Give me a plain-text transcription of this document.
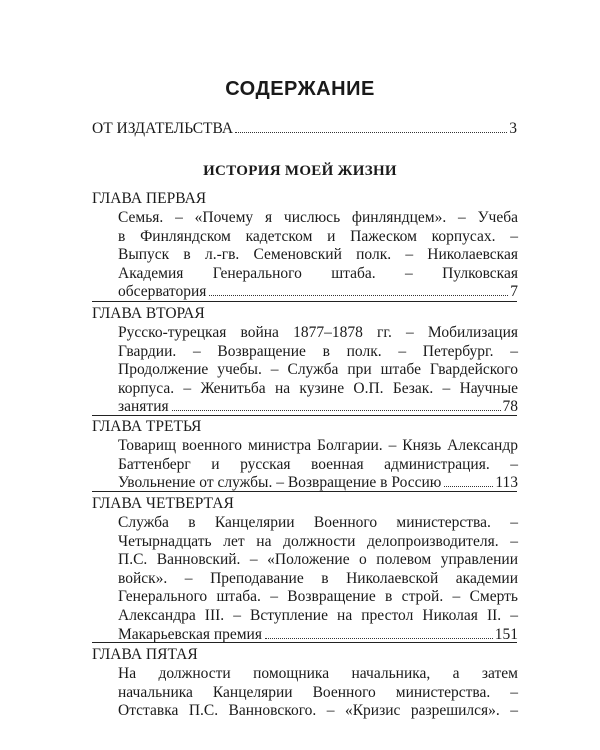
СОДЕРЖАНИЕ
ОТ ИЗДАТЕЛЬСТВА	3
ИСТОРИЯ МОЕЙ ЖИЗНИ
ГЛАВА ПЕРВАЯ
Семья. – «Почему я числюсь финляндцем». – Учеба
в Финляндском кадетском и Пажеском корпусах. –
Выпуск в л.-гв. Семеновский полк. – Николаевская
Академия Генерального штаба. – Пулковская
обсерватория	7
ГЛАВА ВТОРАЯ
Русско-турецкая война 1877–1878 гг. – Мобилизация
Гвардии. – Возвращение в полк. – Петербург. –
Продолжение учебы. – Служба при штабе Гвардейского
корпуса. – Женитьба на кузине О.П. Безак. – Научные
занятия	78
ГЛАВА ТРЕТЬЯ
Товарищ военного министра Болгарии. – Князь Александр
Баттенберг и русская военная администрация. –
Увольнение от службы. – Возвращение в Россию	113
ГЛАВА ЧЕТВЕРТАЯ
Служба в Канцелярии Военного министерства. –
Четырнадцать лет на должности делопроизводителя. –
П.С. Ванновский. – «Положение о полевом управлении
войск». – Преподавание в Николаевской академии
Генерального штаба. – Возвращение в строй. – Смерть
Александра III. – Вступление на престол Николая II. –
Макарьевская премия	151
ГЛАВА ПЯТАЯ
На должности помощника начальника, а затем
начальника Канцелярии Военного министерства. –
Отставка П.С. Ванновского. – «Кризис разрешился». –
